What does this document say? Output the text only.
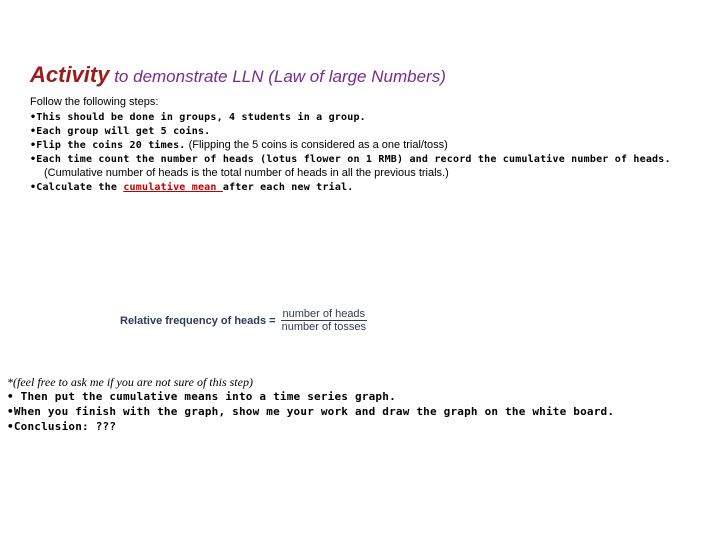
Activity to demonstrate LLN (Law of large Numbers)
Follow the following steps:
•This should be done in groups, 4 students in a group.
•Each group will get 5 coins.
•Flip the coins 20 times. (Flipping the 5 coins is considered as a one trial/toss)
•Each time count the number of heads (lotus flower on 1 RMB) and record the cumulative number of heads.
(Cumulative number of heads is the total number of heads in all the previous trials.)
•Calculate the cumulative mean after each new trial.
Relative frequency of heads = $\frac{\text{number of heads}}{\text{number of tosses}}$
*(feel free to ask me if you are not sure of this step)
• Then put the cumulative means into a time series graph.
•When you finish with the graph, show me your work and draw the graph on the white board.
•Conclusion: ???
